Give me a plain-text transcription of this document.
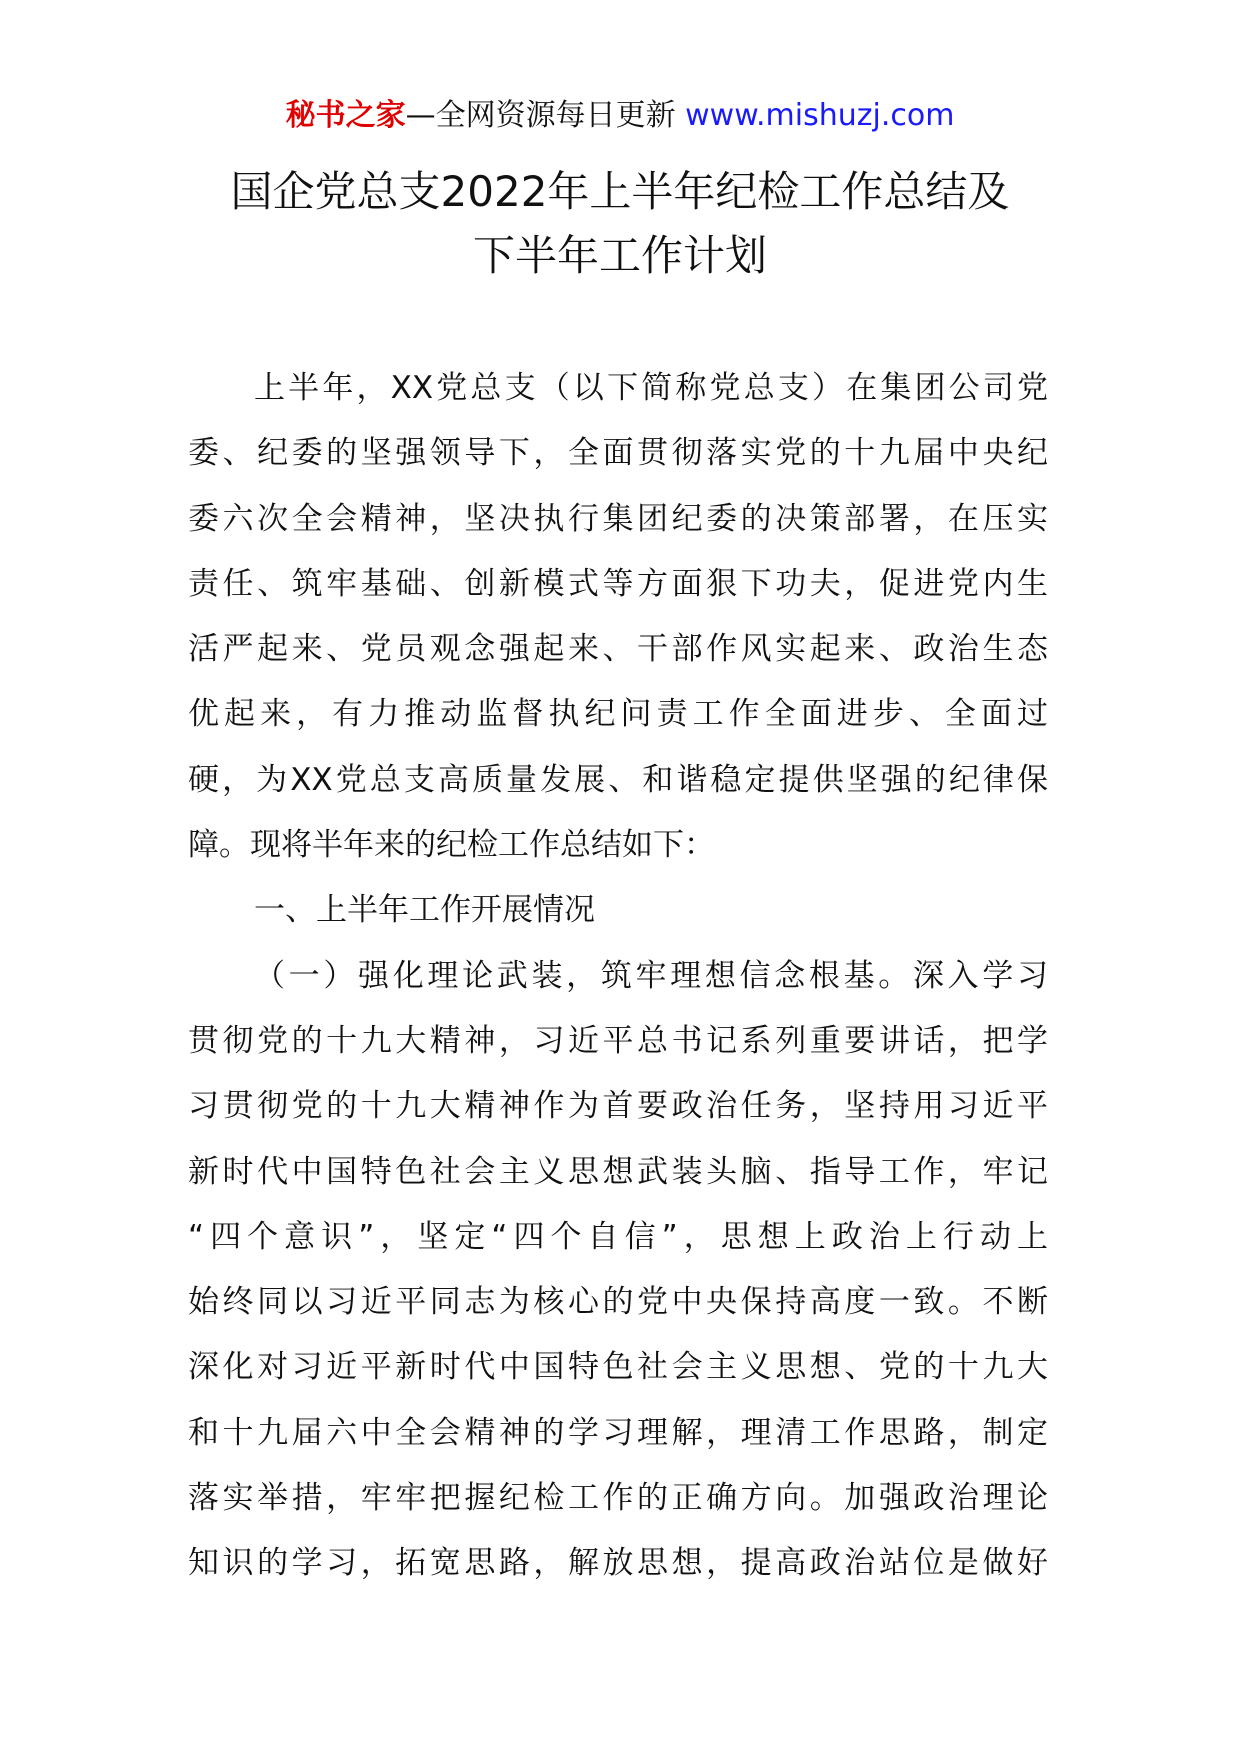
秘书之家—全网资源每日更新 www.mishuzj.com
国企党总支2022年上半年纪检工作总结及
下半年工作计划
上半年，XX党总支（以下简称党总支）在集团公司党
委、纪委的坚强领导下，全面贯彻落实党的十九届中央纪
委六次全会精神，坚决执行集团纪委的决策部署，在压实
责任、筑牢基础、创新模式等方面狠下功夫，促进党内生
活严起来、党员观念强起来、干部作风实起来、政治生态
优起来，有力推动监督执纪问责工作全面进步、全面过
硬，为XX党总支高质量发展、和谐稳定提供坚强的纪律保
障。现将半年来的纪检工作总结如下：
一、上半年工作开展情况
（一）强化理论武装，筑牢理想信念根基。深入学习
贯彻党的十九大精神，习近平总书记系列重要讲话，把学
习贯彻党的十九大精神作为首要政治任务，坚持用习近平
新时代中国特色社会主义思想武装头脑、指导工作，牢记
“四个意识”，坚定“四个自信”，思想上政治上行动上
始终同以习近平同志为核心的党中央保持高度一致。不断
深化对习近平新时代中国特色社会主义思想、党的十九大
和十九届六中全会精神的学习理解，理清工作思路，制定
落实举措，牢牢把握纪检工作的正确方向。加强政治理论
知识的学习，拓宽思路，解放思想，提高政治站位是做好
